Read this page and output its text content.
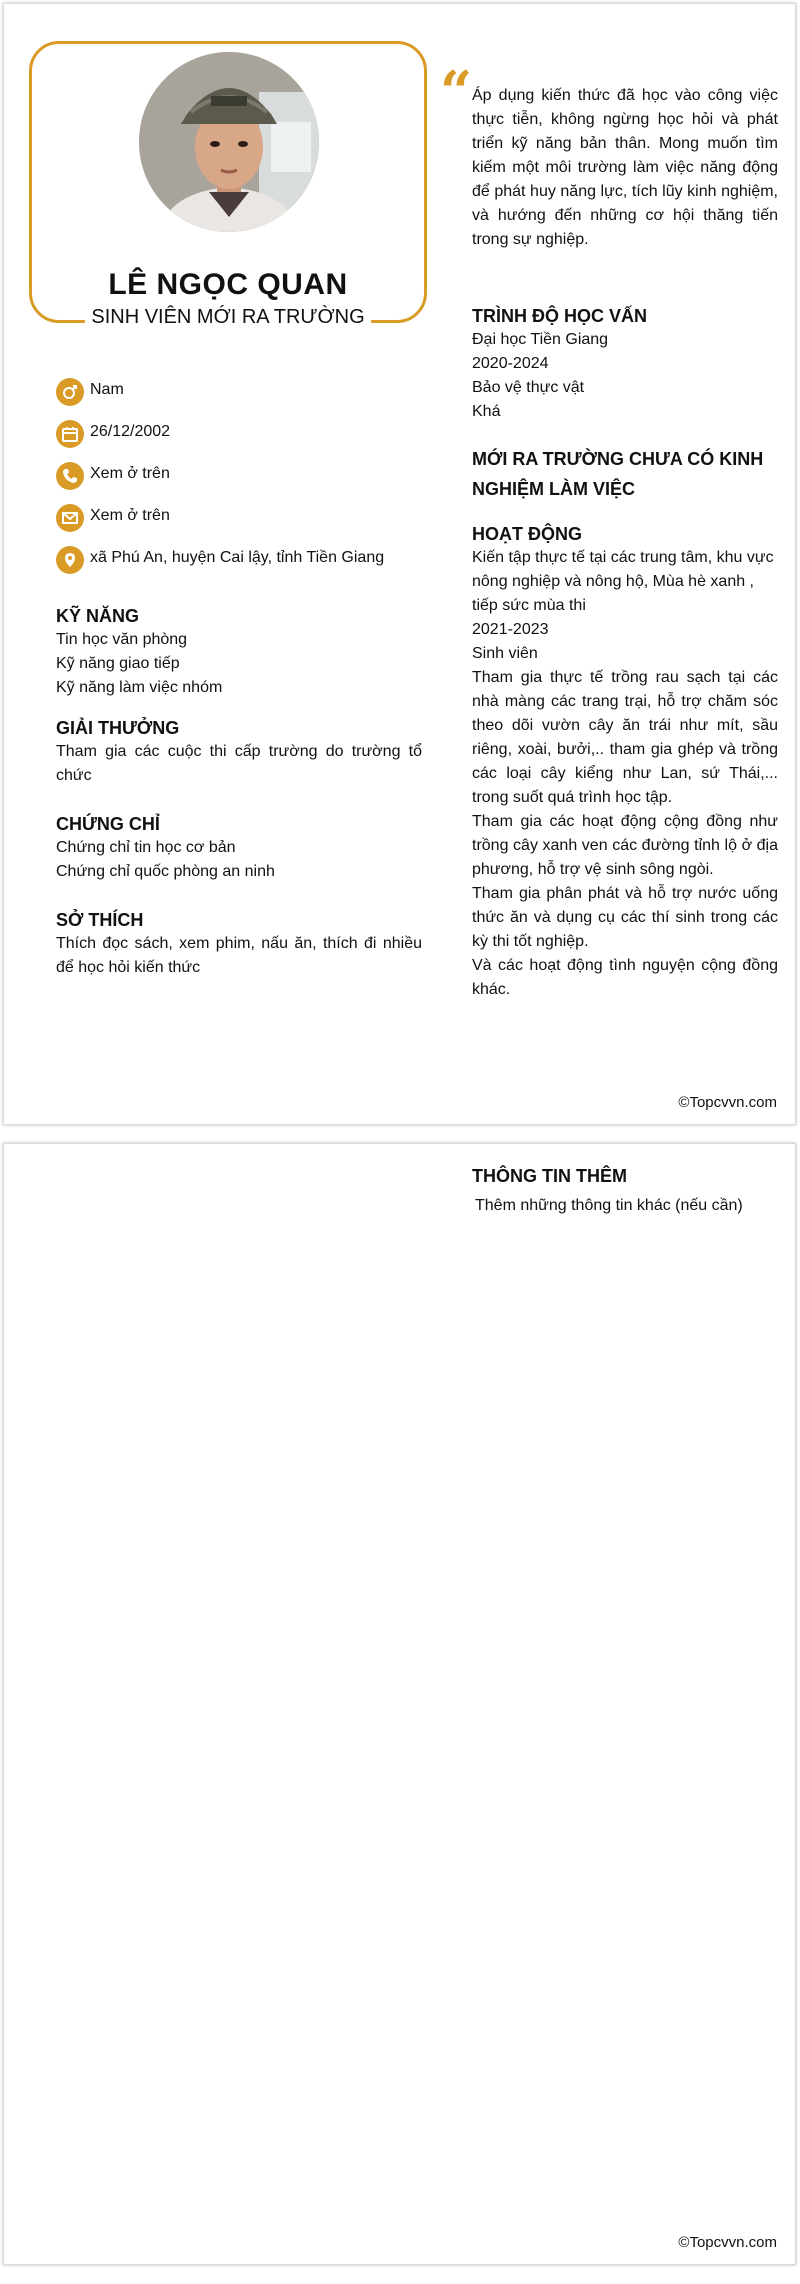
LÊ NGỌC QUAN
SINH VIÊN MỚI RA TRƯỜNG
Nam
26/12/2002
Xem ở trên
Xem ở trên
xã Phú An, huyện Cai lậy, tỉnh Tiền Giang
KỸ NĂNG

Tin học văn phòng

Kỹ năng giao tiếp

Kỹ năng làm việc nhóm

GIẢI THƯỞNG

Tham gia các cuộc thi cấp trường do trường tổ chức

CHỨNG CHỈ

Chứng chỉ tin học cơ bản

Chứng chỉ quốc phòng an ninh

SỞ THÍCH

Thích đọc sách, xem phim, nấu ăn, thích đi nhiều để học hỏi kiến thức

“ Áp dụng kiến thức đã học vào công việc thực tiễn, không ngừng học hỏi và phát triển kỹ năng bản thân. Mong muốn tìm kiếm một môi trường làm việc năng động để phát huy năng lực, tích lũy kinh nghiệm, và hướng đến những cơ hội thăng tiến trong sự nghiệp.

TRÌNH ĐỘ HỌC VẤN

Đại học Tiền Giang

2020-2024

Bảo vệ thực vật

Khá

MỚI RA TRƯỜNG CHƯA CÓ KINH NGHIỆM LÀM VIỆC
HOẠT ĐỘNG

Kiến tập thực tế tại các trung tâm, khu vực nông nghiệp và nông hộ, Mùa hè xanh , tiếp sức mùa thi

2021-2023

Sinh viên

Tham gia thực tế trồng rau sạch tại các nhà màng các trang trại, hỗ trợ chăm sóc theo dõi vườn cây ăn trái như mít, sầu riêng, xoài, bưởi,.. tham gia ghép và trồng các loại cây kiểng như Lan, sứ Thái,... trong suốt quá trình học tập.

Tham gia các hoạt động cộng đồng như trồng cây xanh ven các đường tỉnh lộ ở địa phương, hỗ trợ vệ sinh sông ngòi.

Tham gia phân phát và hỗ trợ nước uống thức ăn và dụng cụ các thí sinh trong các kỳ thi tốt nghiệp.

Và các hoạt động tình nguyện cộng đồng khác.

©Topcvvn.com
THÔNG TIN THÊM

Thêm những thông tin khác (nếu cần)

©Topcvvn.com
